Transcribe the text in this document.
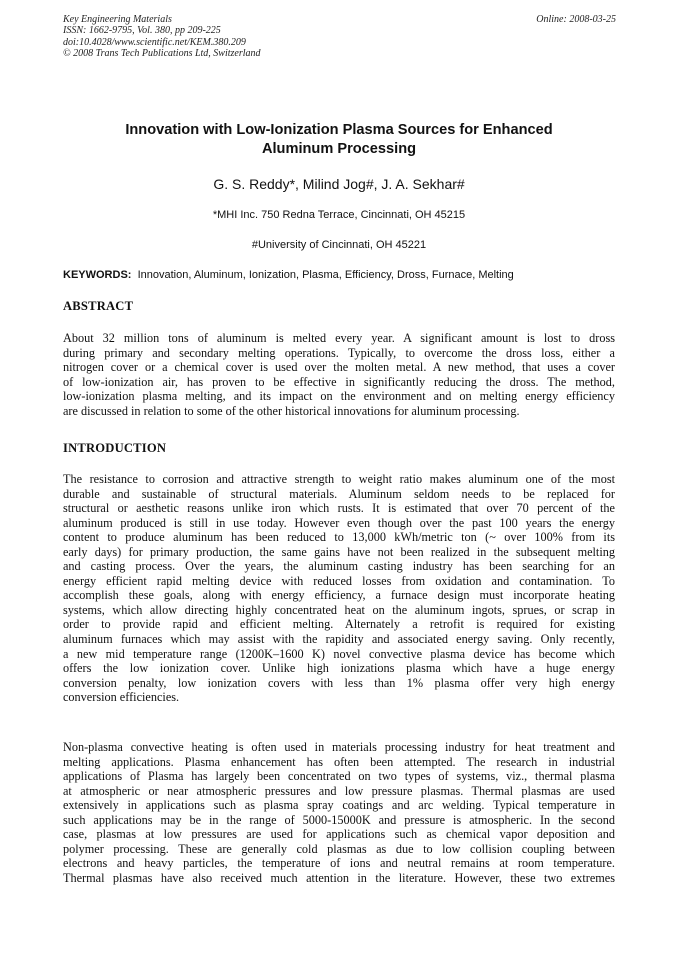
Key Engineering Materials
ISSN: 1662-9795, Vol. 380, pp 209-225
doi:10.4028/www.scientific.net/KEM.380.209
© 2008 Trans Tech Publications Ltd, Switzerland
Online: 2008-03-25
Innovation with Low-Ionization Plasma Sources for Enhanced
Aluminum Processing
G. S. Reddy*, Milind Jog#, J. A. Sekhar#
*MHI Inc. 750 Redna Terrace, Cincinnati, OH 45215
#University of Cincinnati, OH 45221
KEYWORDS: Innovation, Aluminum, Ionization, Plasma, Efficiency, Dross, Furnace, Melting
ABSTRACT
About 32 million tons of aluminum is melted every year. A significant amount is lost to dross
during primary and secondary melting operations. Typically, to overcome the dross loss, either a
nitrogen cover or a chemical cover is used over the molten metal. A new method, that uses a cover
of low-ionization air, has proven to be effective in significantly reducing the dross. The method,
low-ionization plasma melting, and its impact on the environment and on melting energy efficiency
are discussed in relation to some of the other historical innovations for aluminum processing.
INTRODUCTION
The resistance to corrosion and attractive strength to weight ratio makes aluminum one of the most
durable and sustainable of structural materials. Aluminum seldom needs to be replaced for
structural or aesthetic reasons unlike iron which rusts. It is estimated that over 70 percent of the
aluminum produced is still in use today. However even though over the past 100 years the energy
content to produce aluminum has been reduced to 13,000 kWh/metric ton (~ over 100% from its
early days) for primary production, the same gains have not been realized in the subsequent melting
and casting process. Over the years, the aluminum casting industry has been searching for an
energy efficient rapid melting device with reduced losses from oxidation and contamination. To
accomplish these goals, along with energy efficiency, a furnace design must incorporate heating
systems, which allow directing highly concentrated heat on the aluminum ingots, sprues, or scrap in
order to provide rapid and efficient melting. Alternately a retrofit is required for existing
aluminum furnaces which may assist with the rapidity and associated energy saving. Only recently,
a new mid temperature range (1200K–1600 K) novel convective plasma device has become which
offers the low ionization cover. Unlike high ionizations plasma which have a huge energy
conversion penalty, low ionization covers with less than 1% plasma offer very high energy
conversion efficiencies.
Non-plasma convective heating is often used in materials processing industry for heat treatment and
melting applications. Plasma enhancement has often been attempted. The research in industrial
applications of Plasma has largely been concentrated on two types of systems, viz., thermal plasma
at atmospheric or near atmospheric pressures and low pressure plasmas. Thermal plasmas are used
extensively in applications such as plasma spray coatings and arc welding. Typical temperature in
such applications may be in the range of 5000-15000K and pressure is atmospheric. In the second
case, plasmas at low pressures are used for applications such as chemical vapor deposition and
polymer processing. These are generally cold plasmas as due to low collision coupling between
electrons and heavy particles, the temperature of ions and neutral remains at room temperature.
Thermal plasmas have also received much attention in the literature. However, these two extremes
